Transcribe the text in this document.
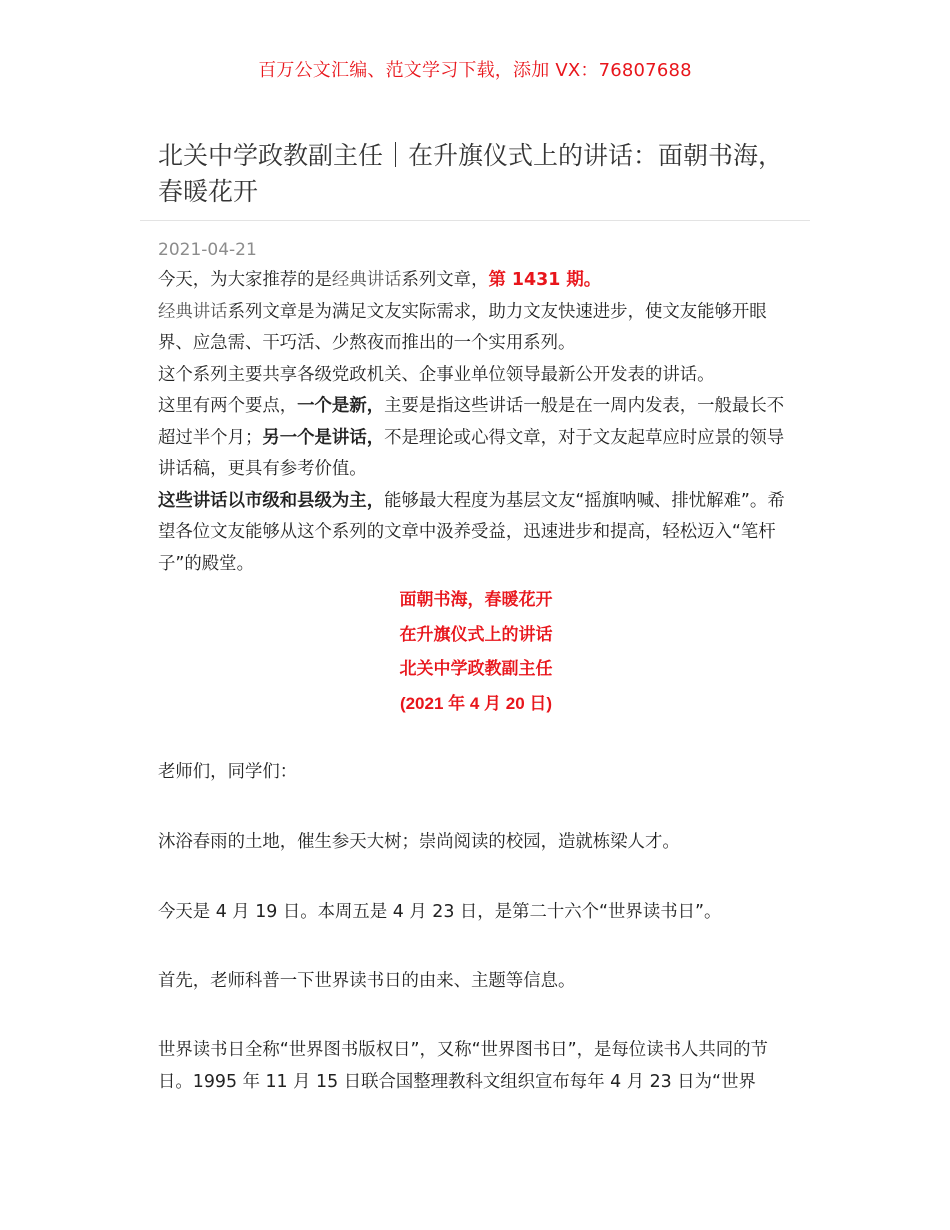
百万公文汇编、范文学习下载，添加 VX：76807688
北关中学政教副主任｜在升旗仪式上的讲话：面朝书海，春暖花开
2021-04-21

今天，为大家推荐的是经典讲话系列文章，第 1431 期。

经典讲话系列文章是为满足文友实际需求，助力文友快速进步，使文友能够开眼界、应急需、干巧活、少熬夜而推出的一个实用系列。

这个系列主要共享各级党政机关、企事业单位领导最新公开发表的讲话。

这里有两个要点，一个是新，主要是指这些讲话一般是在一周内发表，一般最长不超过半个月；另一个是讲话，不是理论或心得文章，对于文友起草应时应景的领导讲话稿，更具有参考价值。

这些讲话以市级和县级为主，能够最大程度为基层文友“摇旗呐喊、排忧解难”。希望各位文友能够从这个系列的文章中汲养受益，迅速进步和提高，轻松迈入“笔杆子”的殿堂。

面朝书海，春暖花开
在升旗仪式上的讲话
北关中学政教副主任
(2021 年 4 月 20 日)

老师们，同学们：

沐浴春雨的土地，催生参天大树；崇尚阅读的校园，造就栋梁人才。

今天是 4 月 19 日。本周五是 4 月 23 日，是第二十六个“世界读书日”。

首先，老师科普一下世界读书日的由来、主题等信息。

世界读书日全称“世界图书版权日”，又称“世界图书日”，是每位读书人共同的节日。1995 年 11 月 15 日联合国整理教科文组织宣布每年 4 月 23 日为“世界
